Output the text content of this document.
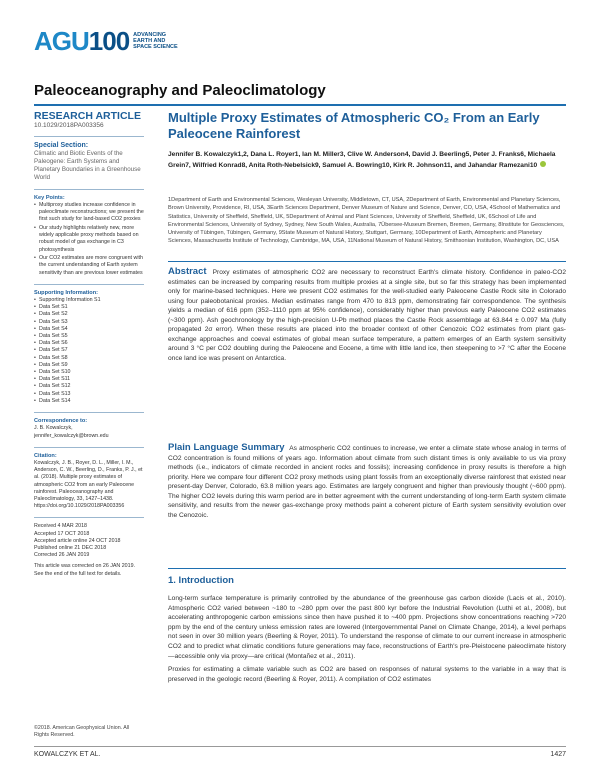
AGU 100 ADVANCING
EARTH AND
SPACE SCIENCE
Paleoceanography and Paleoclimatology
RESEARCH ARTICLE
10.1029/2018PA003356
Special Section:
Climatic and Biotic Events of the Paleogene: Earth Systems and Planetary Boundaries in a Greenhouse World
Key Points:
• Multiproxy studies increase confidence in paleoclimate reconstructions; we present the first such study for land-based CO2 proxies
• Our study highlights relatively new, more widely applicable proxy methods based on robust model of gas exchange in C3 photosynthesis
• Our CO2 estimates are more congruent with the current understanding of Earth system sensitivity than are previous lower estimates
Supporting Information:
• Supporting Information S1
• Data Set S1
• Data Set S2
• Data Set S3
• Data Set S4
• Data Set S5
• Data Set S6
• Data Set S7
• Data Set S8
• Data Set S9
• Data Set S10
• Data Set S11
• Data Set S12
• Data Set S13
• Data Set S14
Correspondence to:
J. B. Kowalczyk,
jennifer_kowalczyk@brown.edu
Citation:
Kowalczyk, J. B., Royer, D. L., Miller, I. M., Anderson, C. W., Beerling, D., Franks, P. J., et al. (2018). Multiple proxy estimates of atmospheric CO2 from an early Paleocene rainforest. Paleoceanography and Paleoclimatology, 33, 1427–1438. https://doi.org/10.1029/2018PA003356
Received 4 MAR 2018
Accepted 17 OCT 2018
Accepted article online 24 OCT 2018
Published online 21 DEC 2018
Corrected 26 JAN 2019
This article was corrected on 26 JAN 2019. See the end of the full text for details.
©2018. American Geophysical Union. All Rights Reserved.
Multiple Proxy Estimates of Atmospheric CO₂ From an Early Paleocene Rainforest
Jennifer B. Kowalczyk1,2, Dana L. Royer1, Ian M. Miller3, Clive W. Anderson4, David J. Beerling5, Peter J. Franks6, Michaela Grein7, Wilfried Konrad8, Anita Roth-Nebelsick9, Samuel A. Bowring10, Kirk R. Johnson11, and Jahandar Ramezani10
1Department of Earth and Environmental Sciences, Wesleyan University, Middletown, CT, USA, 2Department of Earth, Environmental and Planetary Sciences, Brown University, Providence, RI, USA, 3Earth Sciences Department, Denver Museum of Nature and Science, Denver, CO, USA, 4School of Mathematics and Statistics, University of Sheffield, Sheffield, UK, 5Department of Animal and Plant Sciences, University of Sheffield, Sheffield, UK, 6School of Life and Environmental Sciences, University of Sydney, Sydney, New South Wales, Australia, 7Übersee-Museum Bremen, Bremen, Germany, 8Institute for Geosciences, University of Tübingen, Tübingen, Germany, 9State Museum of Natural History, Stuttgart, Germany, 10Department of Earth, Atmospheric and Planetary Sciences, Massachusetts Institute of Technology, Cambridge, MA, USA, 11National Museum of Natural History, Smithsonian Institution, Washington, DC, USA
Abstract Proxy estimates of atmospheric CO2 are necessary to reconstruct Earth's climate history. Confidence in paleo-CO2 estimates can be increased by comparing results from multiple proxies at a single site, but so far this strategy has been implemented only for marine-based techniques. Here we present CO2 estimates for the well-studied early Paleocene Castle Rock site in Colorado using four paleobotanical proxies. Median estimates range from 470 to 813 ppm, demonstrating fair correspondence. The synthesis yields a median of 616 ppm (352–1110 ppm at 95% confidence), considerably higher than previous early Paleocene CO2 estimates (~300 ppm). Ash geochronology by the high-precision U-Pb method places the Castle Rock assemblage at 63.844 ± 0.097 Ma (fully propagated 2σ error). When these results are placed into the broader context of other Cenozoic CO2 estimates from plant gas-exchange approaches and coeval estimates of global mean surface temperature, a pattern emerges of an Earth system sensitivity around 3 °C per CO2 doubling during the Paleocene and Eocene, a time with little land ice, then steepening to >7 °C after the Eocene once land ice was present on Antarctica.
Plain Language Summary As atmospheric CO2 continues to increase, we enter a climate state whose analog in terms of CO2 concentration is found millions of years ago. Information about climate from such distant times is only available to us via proxy methods (i.e., indicators of climate recorded in ancient rocks and fossils); increasing confidence in proxy results is therefore a high priority. Here we compare four different CO2 proxy methods using plant fossils from an exceptionally diverse rainforest that existed near present-day Denver, Colorado, 63.8 million years ago. Estimates are largely congruent and higher than previously thought (~600 ppm). The higher CO2 levels during this warm period are in better agreement with the current understanding of long-term Earth system climate sensitivity, and results from the newer gas-exchange proxy methods paint a coherent picture of Earth system sensitivity evolution over the Cenozoic.
1. Introduction

Long-term surface temperature is primarily controlled by the abundance of the greenhouse gas carbon dioxide (Lacis et al., 2010). Atmospheric CO2 varied between ~180 to ~280 ppm over the past 800 kyr before the Industrial Revolution (Luthi et al., 2008), but accelerating anthropogenic carbon emissions since then have pushed it to ~400 ppm. Projections show concentrations reaching >720 ppm by the end of the century unless emission rates are lowered (Intergovernmental Panel on Climate Change, 2014), a level perhaps not seen in over 30 million years (Beerling & Royer, 2011). To understand the response of climate to our current increase in atmospheric CO2 and to predict what climatic conditions future generations may face, reconstructions of Earth's pre-Pleistocene paleoclimate history—accessible only via proxy—are critical (Montañez et al., 2011).

Proxies for estimating a climate variable such as CO2 are based on responses of natural systems to the variable in a way that is preserved in the geologic record (Beerling & Royer, 2011). A compilation of CO2 estimates

KOWALCZYK ET AL.	1427
